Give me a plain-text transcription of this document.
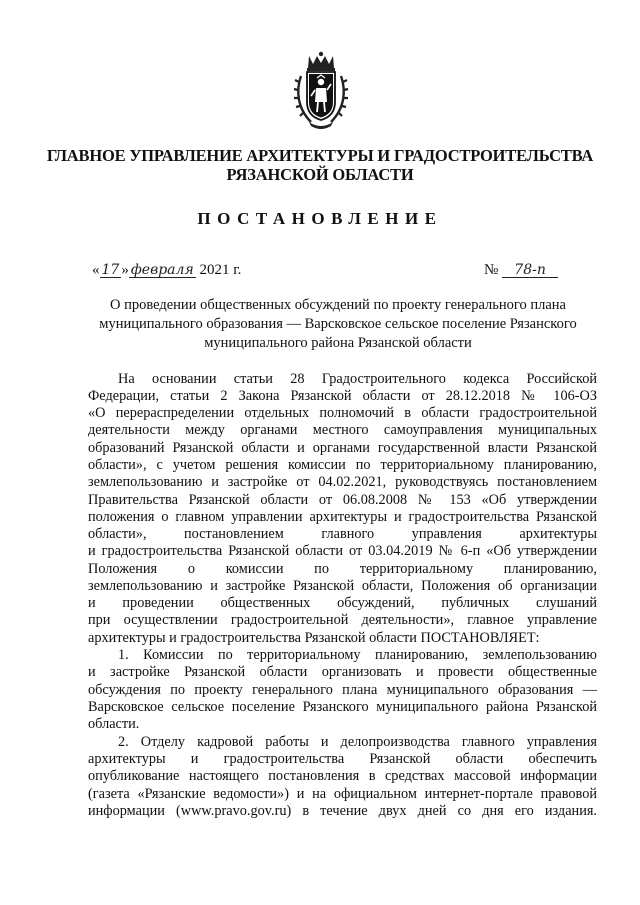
ГЛАВНОЕ УПРАВЛЕНИЕ АРХИТЕКТУРЫ И ГРАДОСТРОИТЕЛЬСТВА
РЯЗАНСКОЙ ОБЛАСТИ
ПОСТАНОВЛЕНИЕ
« 17 » февраля 2021 г.	№ 78-п
О проведении общественных обсуждений по проекту генерального плана
муниципального образования — Варсковское сельское поселение Рязанского
муниципального района Рязанской области
На основании статьи 28 Градостроительного кодекса Российской
Федерации, статьи 2 Закона Рязанской области от 28.12.2018 № 106-ОЗ
«О перераспределении отдельных полномочий в области градостроительной
деятельности между органами местного самоуправления муниципальных
образований Рязанской области и органами государственной власти Рязанской
области», с учетом решения комиссии по территориальному планированию,
землепользованию и застройке от 04.02.2021, руководствуясь постановлением
Правительства Рязанской области от 06.08.2008 № 153 «Об утверждении
положения о главном управлении архитектуры и градостроительства Рязанской
области», постановлением главного управления архитектуры
и градостроительства Рязанской области от 03.04.2019 № 6-п «Об утверждении
Положения о комиссии по территориальному планированию,
землепользованию и застройке Рязанской области, Положения об организации
и проведении общественных обсуждений, публичных слушаний
при осуществлении градостроительной деятельности», главное управление
архитектуры и градостроительства Рязанской области ПОСТАНОВЛЯЕТ:
1. Комиссии по территориальному планированию, землепользованию
и застройке Рязанской области организовать и провести общественные
обсуждения по проекту генерального плана муниципального образования —
Варсковское сельское поселение Рязанского муниципального района Рязанской
области.
2. Отделу кадровой работы и делопроизводства главного управления
архитектуры и градостроительства Рязанской области обеспечить
опубликование настоящего постановления в средствах массовой информации
(газета «Рязанские ведомости») и на официальном интернет-портале правовой
информации (www.pravo.gov.ru) в течение двух дней со дня его издания.
